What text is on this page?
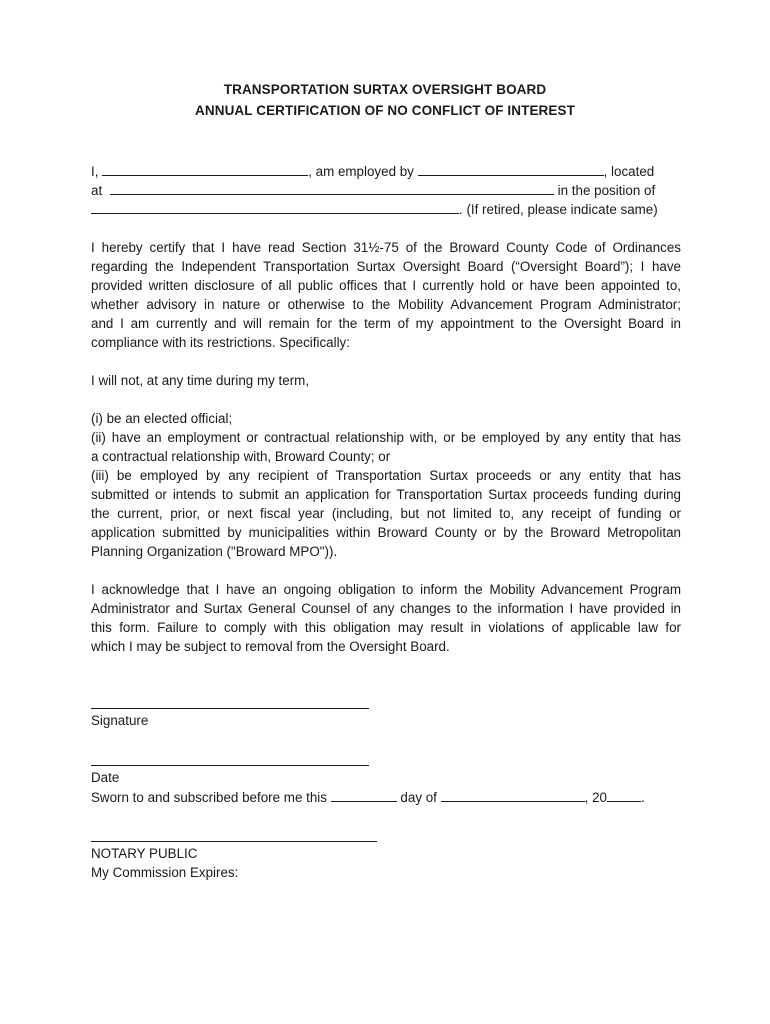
TRANSPORTATION SURTAX OVERSIGHT BOARD
ANNUAL CERTIFICATION OF NO CONFLICT OF INTEREST
I,	, am employed by	, located
at	in the position of
. (If retired, please indicate same)
I hereby certify that I have read Section 31½-75 of the Broward County Code of Ordinances
regarding the Independent Transportation Surtax Oversight Board (“Oversight Board”); I have
provided written disclosure of all public offices that I currently hold or have been appointed to,
whether advisory in nature or otherwise to the Mobility Advancement Program Administrator;
and I am currently and will remain for the term of my appointment to the Oversight Board in
compliance with its restrictions. Specifically:
I will not, at any time during my term,
(i) be an elected official;
(ii) have an employment or contractual relationship with, or be employed by any entity that has
a contractual relationship with, Broward County; or
(iii) be employed by any recipient of Transportation Surtax proceeds or any entity that has
submitted or intends to submit an application for Transportation Surtax proceeds funding during
the current, prior, or next fiscal year (including, but not limited to, any receipt of funding or
application submitted by municipalities within Broward County or by the Broward Metropolitan
Planning Organization ("Broward MPO")).
I acknowledge that I have an ongoing obligation to inform the Mobility Advancement Program
Administrator and Surtax General Counsel of any changes to the information I have provided in
this form. Failure to comply with this obligation may result in violations of applicable law for
which I may be subject to removal from the Oversight Board.
Signature
Date
Sworn to and subscribed before me this	day of	, 20	.
NOTARY PUBLIC
My Commission Expires:
